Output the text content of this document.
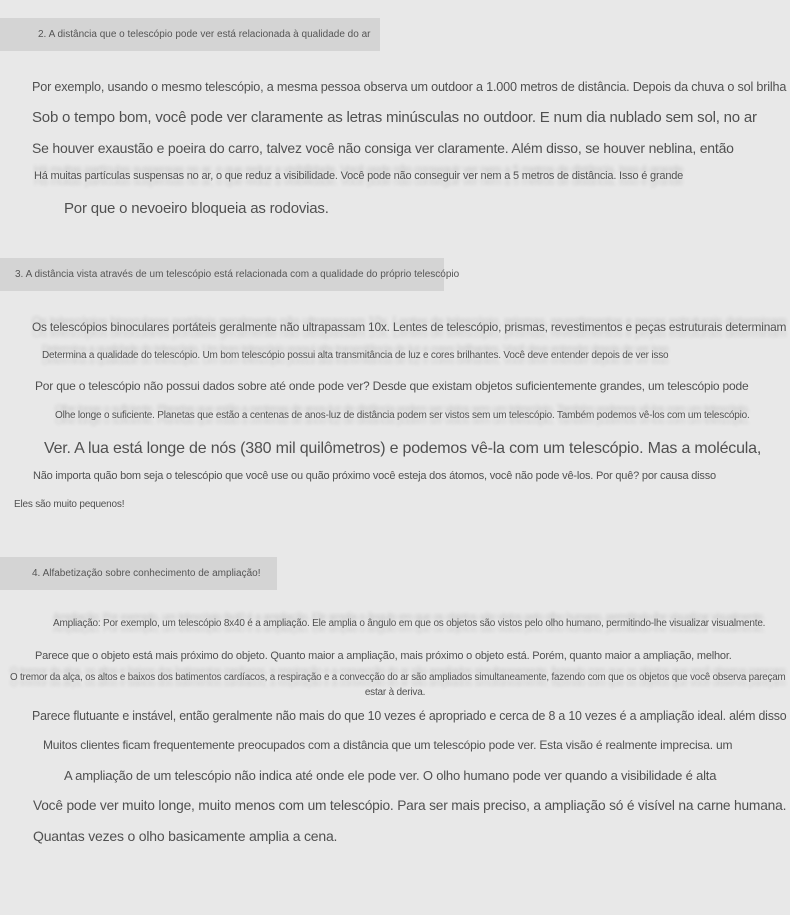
2. A distância que o telescópio pode ver está relacionada à qualidade do ar
Por exemplo, usando o mesmo telescópio, a mesma pessoa observa um outdoor a 1.000 metros de distância. Depois da chuva o sol brilha
Sob o tempo bom, você pode ver claramente as letras minúsculas no outdoor. E num dia nublado sem sol, no ar
Se houver exaustão e poeira do carro, talvez você não consiga ver claramente. Além disso, se houver neblina, então
Há muitas partículas suspensas no ar, o que reduz a visibilidade. Você pode não conseguir ver nem a 5 metros de distância. Isso é grande
Por que o nevoeiro bloqueia as rodovias.
3. A distância vista através de um telescópio está relacionada com a qualidade do próprio telescópio
Os telescópios binoculares portáteis geralmente não ultrapassam 10x. Lentes de telescópio, prismas, revestimentos e peças estruturais determinam
Determina a qualidade do telescópio. Um bom telescópio possui alta transmitância de luz e cores brilhantes. Você deve entender depois de ver isso
Por que o telescópio não possui dados sobre até onde pode ver? Desde que existam objetos suficientemente grandes, um telescópio pode
Olhe longe o suficiente. Planetas que estão a centenas de anos-luz de distância podem ser vistos sem um telescópio. Também podemos vê-los com um telescópio.
Ver. A lua está longe de nós (380 mil quilômetros) e podemos vê-la com um telescópio. Mas a molécula,
Não importa quão bom seja o telescópio que você use ou quão próximo você esteja dos átomos, você não pode vê-los. Por quê? por causa disso
Eles são muito pequenos!
4. Alfabetização sobre conhecimento de ampliação!
Ampliação: Por exemplo, um telescópio 8x40 é a ampliação. Ele amplia o ângulo em que os objetos são vistos pelo olho humano, permitindo-lhe visualizar visualmente.
Parece que o objeto está mais próximo do objeto. Quanto maior a ampliação, mais próximo o objeto está. Porém, quanto maior a ampliação, melhor.
O tremor da alça, os altos e baixos dos batimentos cardíacos, a respiração e a convecção do ar são ampliados simultaneamente, fazendo com que os objetos que você observa pareçam
estar à deriva.
Parece flutuante e instável, então geralmente não mais do que 10 vezes é apropriado e cerca de 8 a 10 vezes é a ampliação ideal. além disso
Muitos clientes ficam frequentemente preocupados com a distância que um telescópio pode ver. Esta visão é realmente imprecisa. um
A ampliação de um telescópio não indica até onde ele pode ver. O olho humano pode ver quando a visibilidade é alta
Você pode ver muito longe, muito menos com um telescópio. Para ser mais preciso, a ampliação só é visível na carne humana.
Quantas vezes o olho basicamente amplia a cena.
